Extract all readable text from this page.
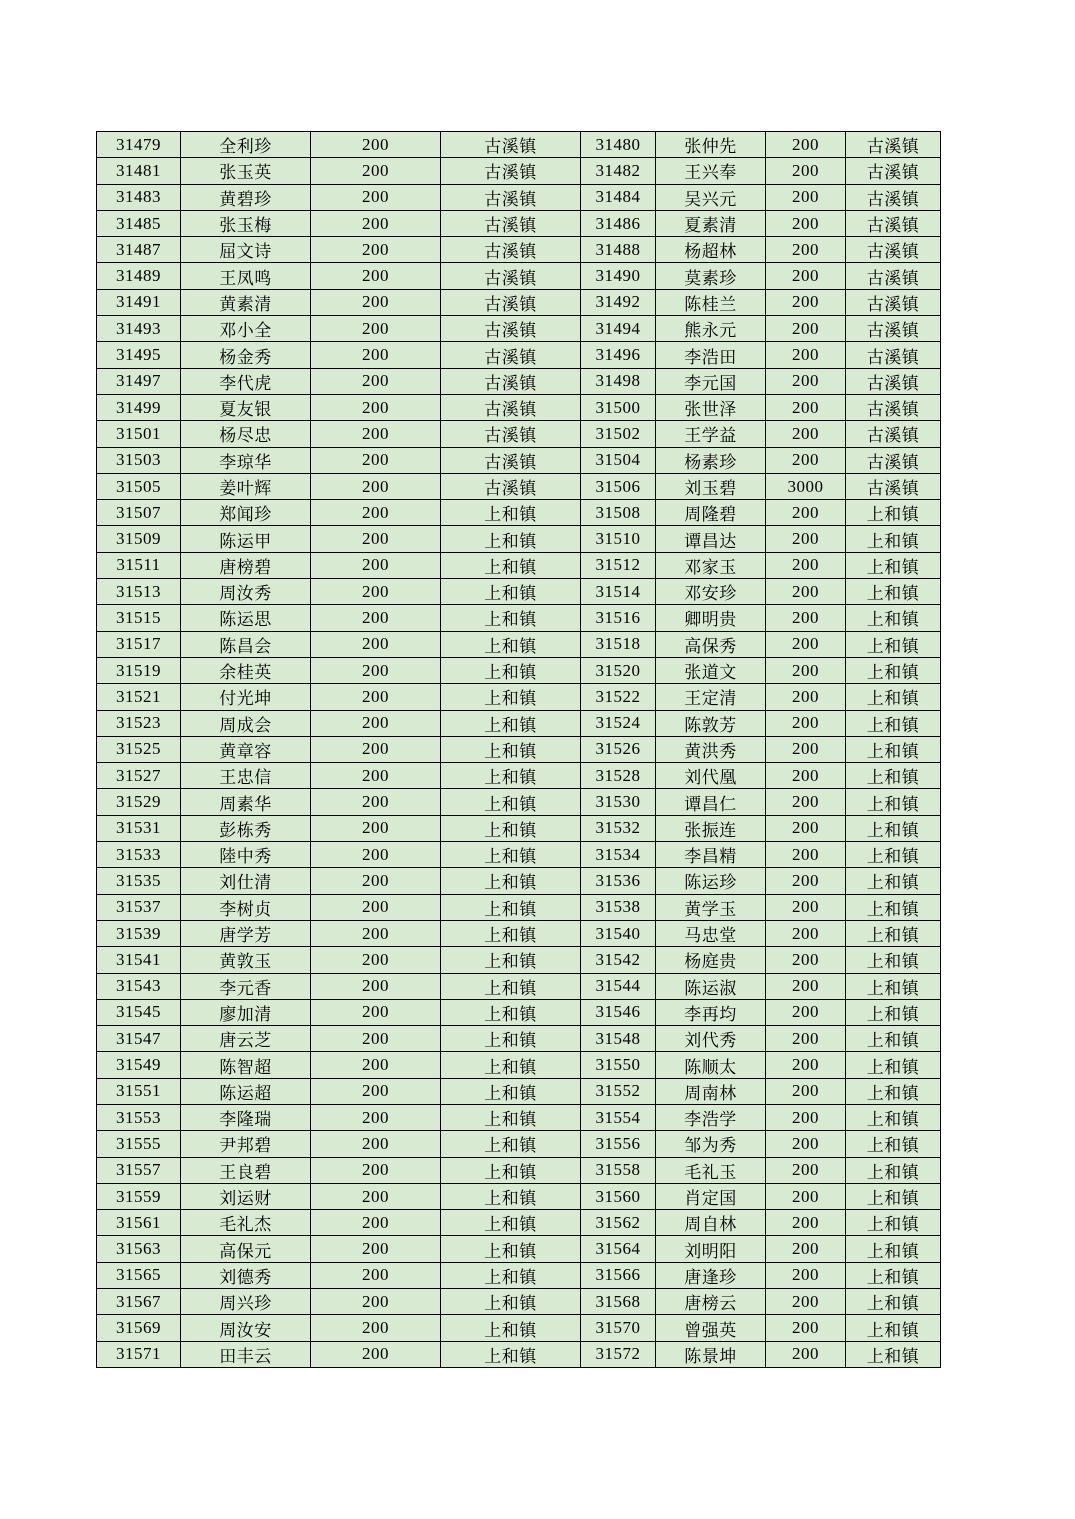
31479	全利珍	200	古溪镇	31480	张仲先	200	古溪镇
31481	张玉英	200	古溪镇	31482	王兴奉	200	古溪镇
31483	黄碧珍	200	古溪镇	31484	吴兴元	200	古溪镇
31485	张玉梅	200	古溪镇	31486	夏素清	200	古溪镇
31487	屈文诗	200	古溪镇	31488	杨超林	200	古溪镇
31489	王凤鸣	200	古溪镇	31490	莫素珍	200	古溪镇
31491	黄素清	200	古溪镇	31492	陈桂兰	200	古溪镇
31493	邓小全	200	古溪镇	31494	熊永元	200	古溪镇
31495	杨金秀	200	古溪镇	31496	李浩田	200	古溪镇
31497	李代虎	200	古溪镇	31498	李元国	200	古溪镇
31499	夏友银	200	古溪镇	31500	张世泽	200	古溪镇
31501	杨尽忠	200	古溪镇	31502	王学益	200	古溪镇
31503	李琼华	200	古溪镇	31504	杨素珍	200	古溪镇
31505	姜叶辉	200	古溪镇	31506	刘玉碧	3000	古溪镇
31507	郑闻珍	200	上和镇	31508	周隆碧	200	上和镇
31509	陈运甲	200	上和镇	31510	谭昌达	200	上和镇
31511	唐榜碧	200	上和镇	31512	邓家玉	200	上和镇
31513	周汝秀	200	上和镇	31514	邓安珍	200	上和镇
31515	陈运思	200	上和镇	31516	卿明贵	200	上和镇
31517	陈昌会	200	上和镇	31518	高保秀	200	上和镇
31519	余桂英	200	上和镇	31520	张道文	200	上和镇
31521	付光坤	200	上和镇	31522	王定清	200	上和镇
31523	周成会	200	上和镇	31524	陈敦芳	200	上和镇
31525	黄章容	200	上和镇	31526	黄洪秀	200	上和镇
31527	王忠信	200	上和镇	31528	刘代凰	200	上和镇
31529	周素华	200	上和镇	31530	谭昌仁	200	上和镇
31531	彭栋秀	200	上和镇	31532	张振连	200	上和镇
31533	陸中秀	200	上和镇	31534	李昌精	200	上和镇
31535	刘仕清	200	上和镇	31536	陈运珍	200	上和镇
31537	李树贞	200	上和镇	31538	黄学玉	200	上和镇
31539	唐学芳	200	上和镇	31540	马忠堂	200	上和镇
31541	黄敦玉	200	上和镇	31542	杨庭贵	200	上和镇
31543	李元香	200	上和镇	31544	陈运淑	200	上和镇
31545	廖加清	200	上和镇	31546	李再均	200	上和镇
31547	唐云芝	200	上和镇	31548	刘代秀	200	上和镇
31549	陈智超	200	上和镇	31550	陈顺太	200	上和镇
31551	陈运超	200	上和镇	31552	周南林	200	上和镇
31553	李隆瑞	200	上和镇	31554	李浩学	200	上和镇
31555	尹邦碧	200	上和镇	31556	邹为秀	200	上和镇
31557	王良碧	200	上和镇	31558	毛礼玉	200	上和镇
31559	刘运财	200	上和镇	31560	肖定国	200	上和镇
31561	毛礼杰	200	上和镇	31562	周自林	200	上和镇
31563	高保元	200	上和镇	31564	刘明阳	200	上和镇
31565	刘德秀	200	上和镇	31566	唐逢珍	200	上和镇
31567	周兴珍	200	上和镇	31568	唐榜云	200	上和镇
31569	周汝安	200	上和镇	31570	曾强英	200	上和镇
31571	田丰云	200	上和镇	31572	陈景坤	200	上和镇
